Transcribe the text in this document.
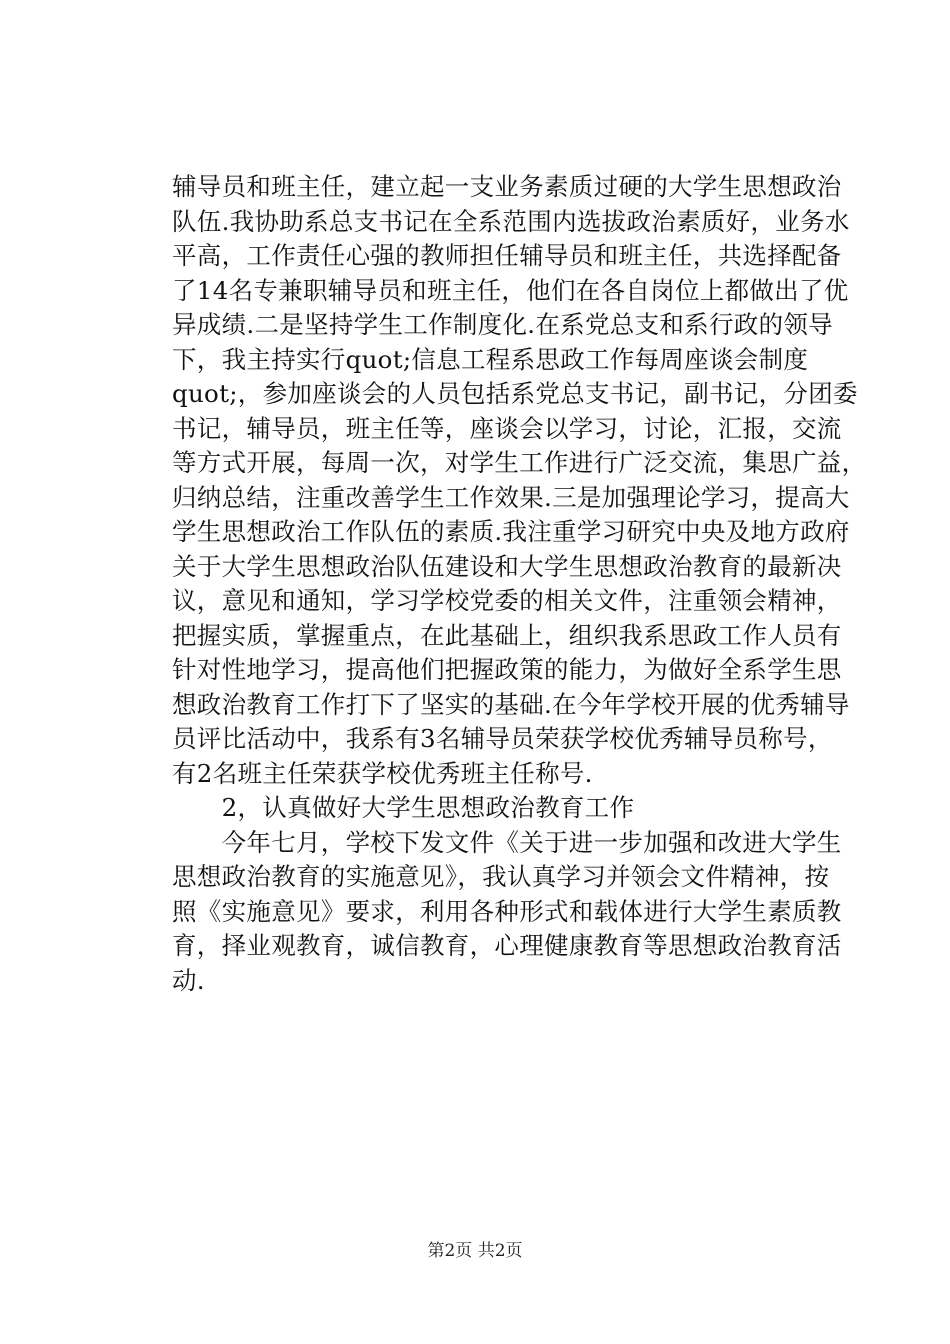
辅导员和班主任，建立起一支业务素质过硬的大学生思想政治
队伍.我协助系总支书记在全系范围内选拔政治素质好，业务水
平高，工作责任心强的教师担任辅导员和班主任，共选择配备
了14名专兼职辅导员和班主任，他们在各自岗位上都做出了优
异成绩.二是坚持学生工作制度化.在系党总支和系行政的领导
下，我主持实行quot;信息工程系思政工作每周座谈会制度
quot;，参加座谈会的人员包括系党总支书记，副书记，分团委
书记，辅导员，班主任等，座谈会以学习，讨论，汇报，交流
等方式开展，每周一次，对学生工作进行广泛交流，集思广益，
归纳总结，注重改善学生工作效果.三是加强理论学习，提高大
学生思想政治工作队伍的素质.我注重学习研究中央及地方政府
关于大学生思想政治队伍建设和大学生思想政治教育的最新决
议，意见和通知，学习学校党委的相关文件，注重领会精神，
把握实质，掌握重点，在此基础上，组织我系思政工作人员有
针对性地学习，提高他们把握政策的能力，为做好全系学生思
想政治教育工作打下了坚实的基础.在今年学校开展的优秀辅导
员评比活动中，我系有3名辅导员荣获学校优秀辅导员称号，
有2名班主任荣获学校优秀班主任称号.
　　2，认真做好大学生思想政治教育工作
　　今年七月，学校下发文件《关于进一步加强和改进大学生
思想政治教育的实施意见》，我认真学习并领会文件精神，按
照《实施意见》要求，利用各种形式和载体进行大学生素质教
育，择业观教育，诚信教育，心理健康教育等思想政治教育活
动.
第2页 共2页
